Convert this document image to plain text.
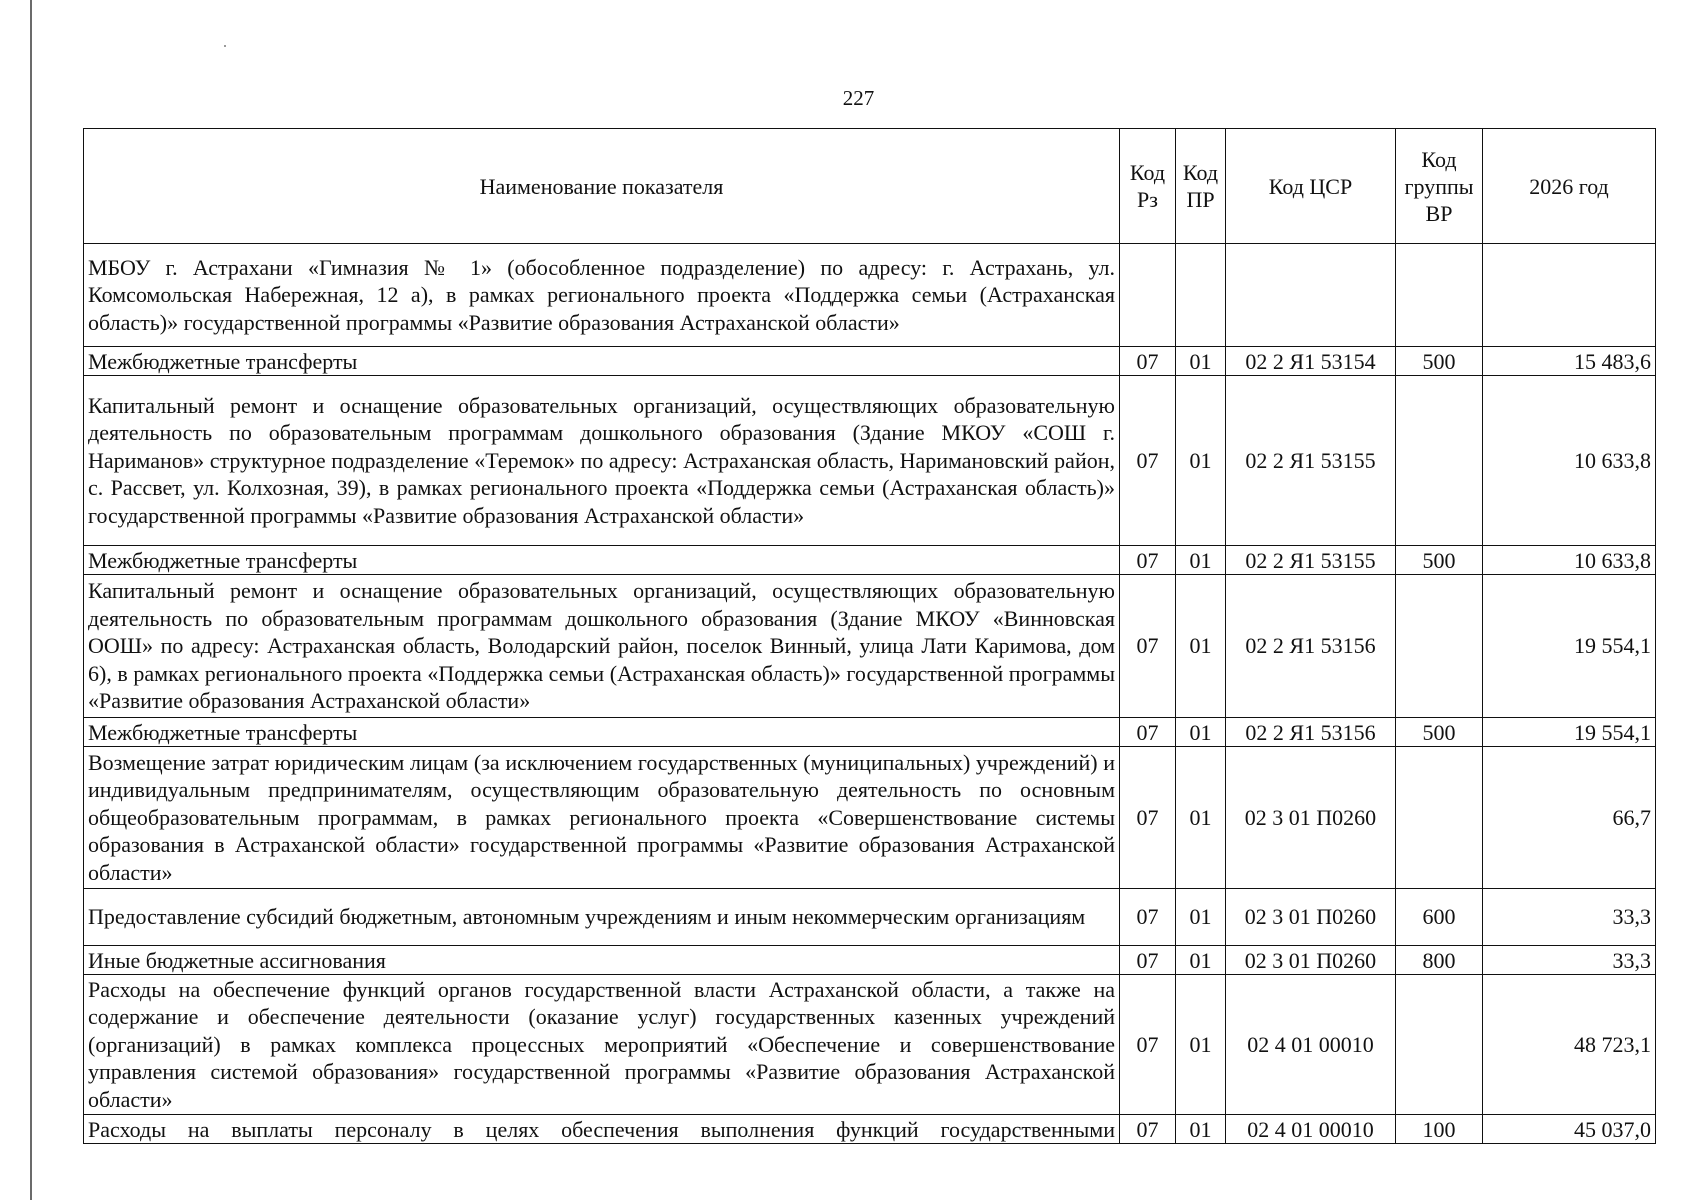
227
Наименование показателя	Код Рз	Код ПР	Код ЦСР	Код группы ВР	2026 год
МБОУ г. Астрахани «Гимназия № 1» (обособленное подразделение) по адресу: г. Астрахань, ул. Комсомольская Набережная, 12 а), в рамках регионального проекта «Поддержка семьи (Астраханская область)» государственной программы «Развитие образования Астраханской области»					
Межбюджетные трансферты	07	01	02 2 Я1 53154	500	15 483,6
Капитальный ремонт и оснащение образовательных организаций, осуществляющих образовательную деятельность по образовательным программам дошкольного образования (Здание МКОУ «СОШ г. Нариманов» структурное подразделение «Теремок» по адресу: Астраханская область, Наримановский район, с. Рассвет, ул. Колхозная, 39), в рамках регионального проекта «Поддержка семьи (Астраханская область)» государственной программы «Развитие образования Астраханской области»	07	01	02 2 Я1 53155		10 633,8
Межбюджетные трансферты	07	01	02 2 Я1 53155	500	10 633,8
Капитальный ремонт и оснащение образовательных организаций, осуществляющих образовательную деятельность по образовательным программам дошкольного образования (Здание МКОУ «Винновская ООШ» по адресу: Астраханская область, Володарский район, поселок Винный, улица Лати Каримова, дом 6), в рамках регионального проекта «Поддержка семьи (Астраханская область)» государственной программы «Развитие образования Астраханской области»	07	01	02 2 Я1 53156		19 554,1
Межбюджетные трансферты	07	01	02 2 Я1 53156	500	19 554,1
Возмещение затрат юридическим лицам (за исключением государственных (муниципальных) учреждений) и индивидуальным предпринимателям, осуществляющим образовательную деятельность по основным общеобразовательным программам, в рамках регионального проекта «Совершенствование системы образования в Астраханской области» государственной программы «Развитие образования Астраханской области»	07	01	02 3 01 П0260		66,7
Предоставление субсидий бюджетным, автономным учреждениям и иным некоммерческим организациям	07	01	02 3 01 П0260	600	33,3
Иные бюджетные ассигнования	07	01	02 3 01 П0260	800	33,3
Расходы на обеспечение функций органов государственной власти Астраханской области, а также на содержание и обеспечение деятельности (оказание услуг) государственных казенных учреждений (организаций) в рамках комплекса процессных мероприятий «Обеспечение и совершенствование управления системой образования» государственной программы «Развитие образования Астраханской области»	07	01	02 4 01 00010		48 723,1
Расходы на выплаты персоналу в целях обеспечения выполнения функций государственными	07	01	02 4 01 00010	100	45 037,0
